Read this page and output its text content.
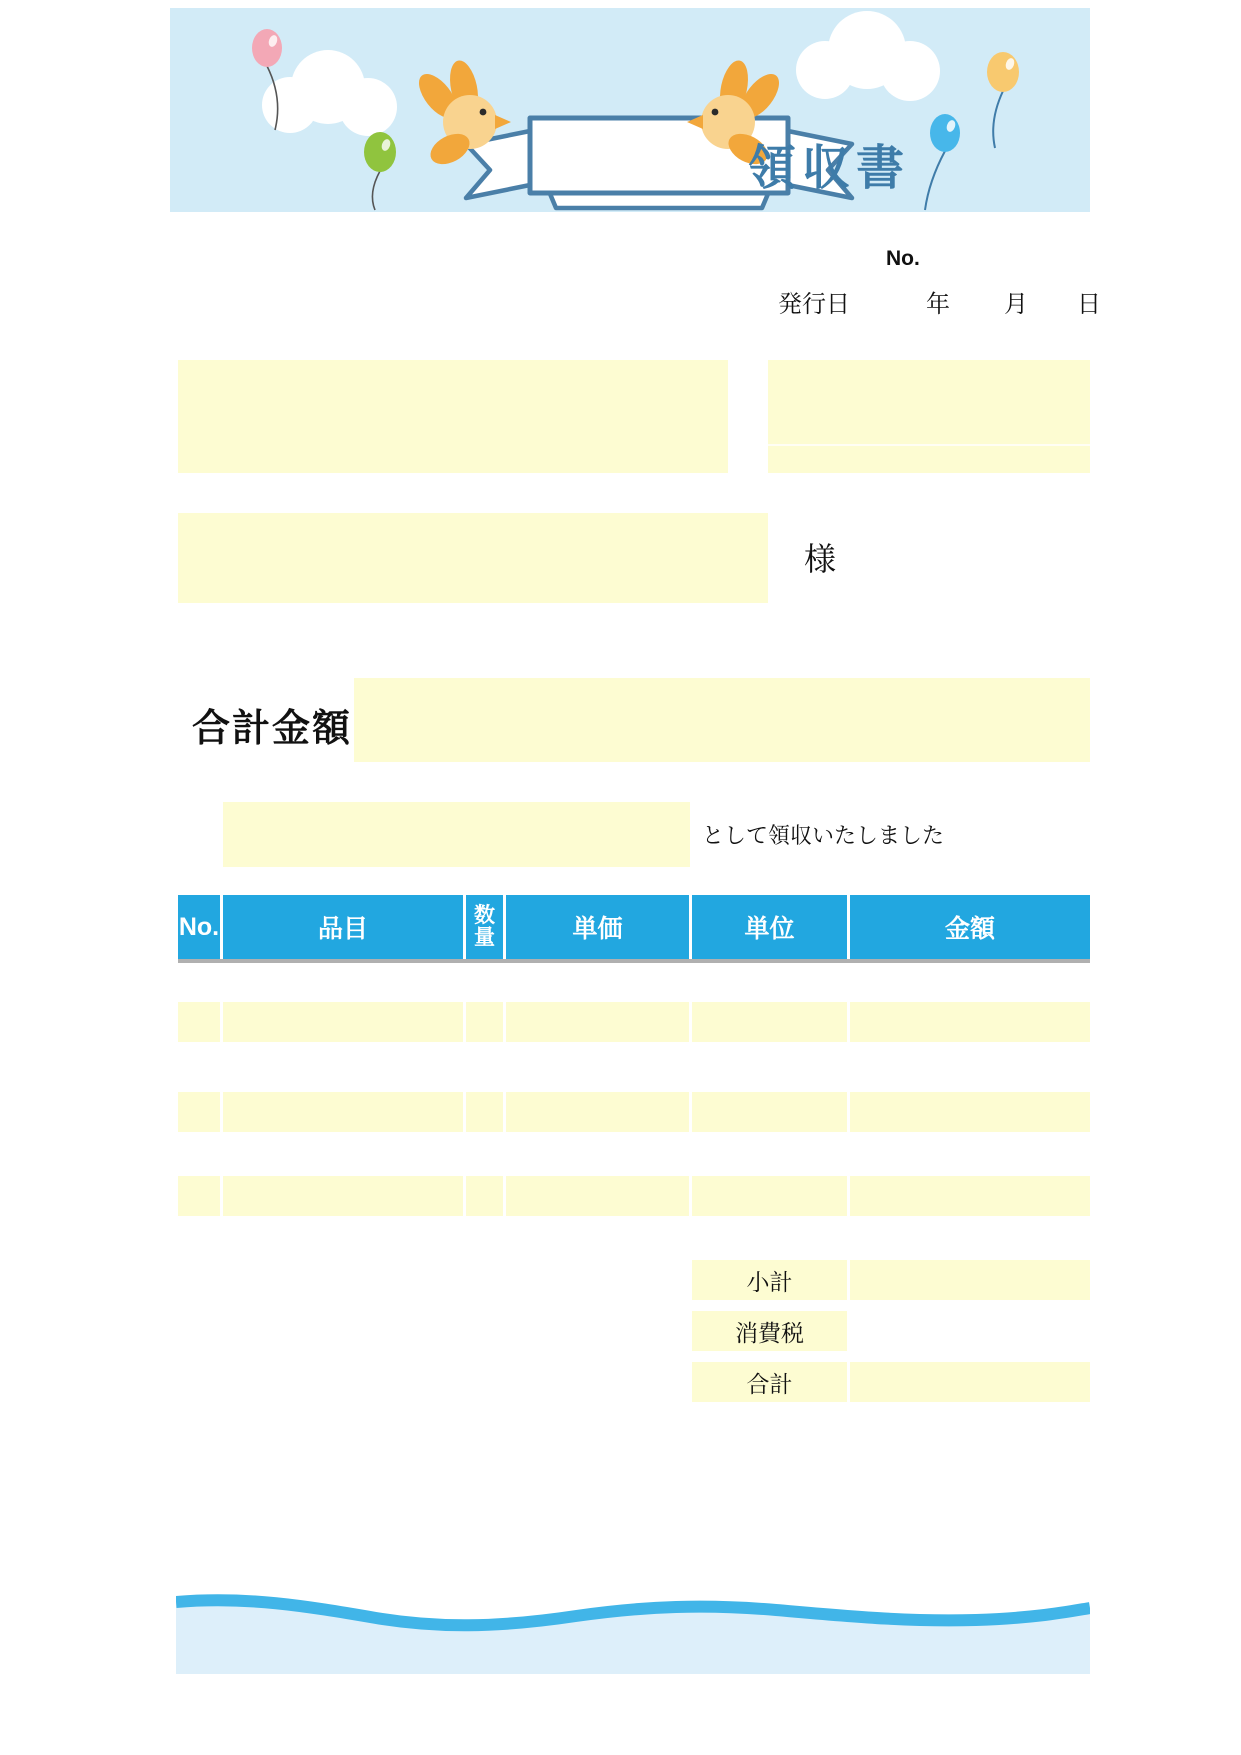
領収書
No.
発行日	年 月 日
様
合計金額
として領収いたしました
No.	品目	数量	単価	単位	金額
小計
消費税
合計
